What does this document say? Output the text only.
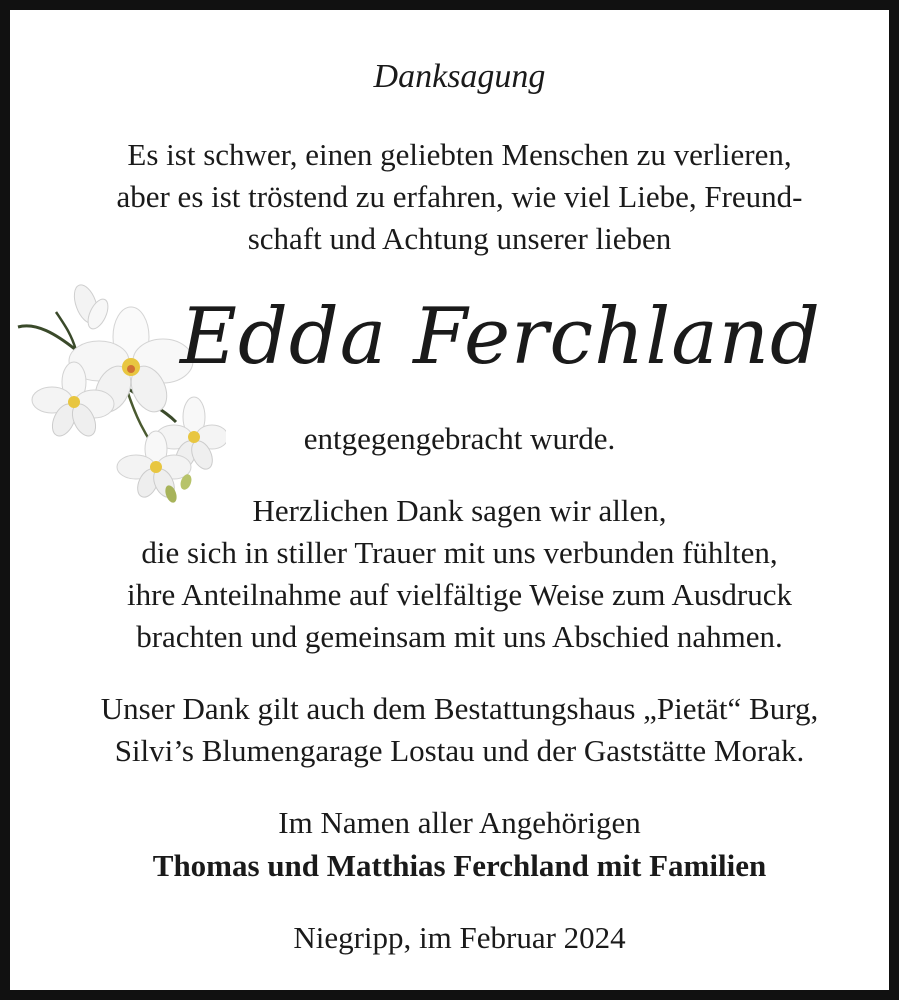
Danksagung
Es ist schwer, einen geliebten Menschen zu verlieren,
aber es ist tröstend zu erfahren, wie viel Liebe, Freund-
schaft und Achtung unserer lieben
Edda Ferchland
entgegengebracht wurde.
Herzlichen Dank sagen wir allen,
die sich in stiller Trauer mit uns verbunden fühlten,
ihre Anteilnahme auf vielfältige Weise zum Ausdruck
brachten und gemeinsam mit uns Abschied nahmen.
Unser Dank gilt auch dem Bestattungshaus „Pietät“ Burg,
Silvi’s Blumengarage Lostau und der Gaststätte Morak.
Im Namen aller Angehörigen
Thomas und Matthias Ferchland mit Familien
Niegripp, im Februar 2024
